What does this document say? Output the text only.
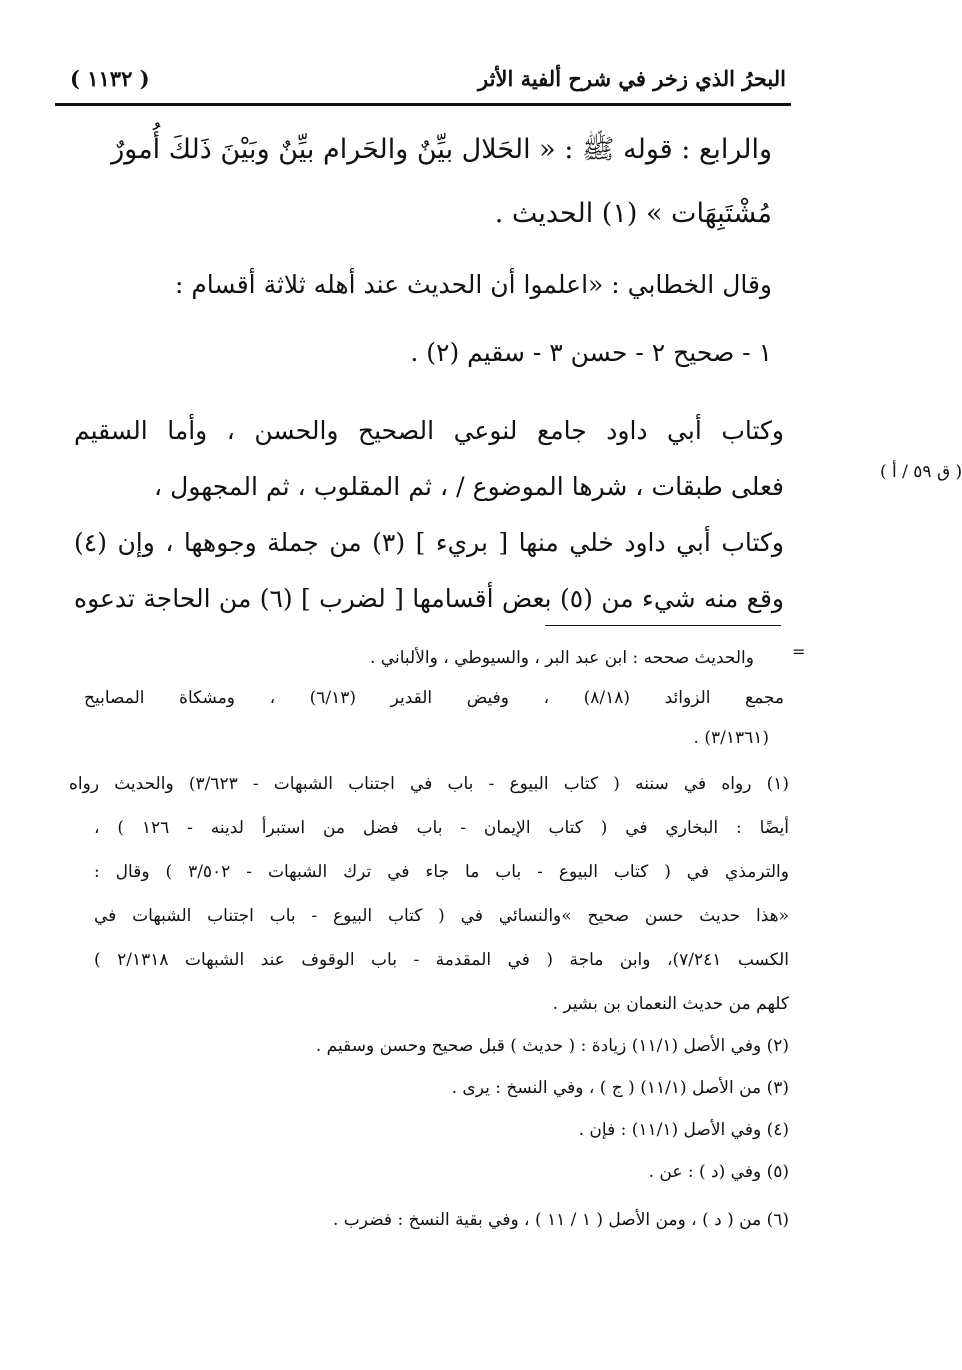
البحرُ الذي زخر في شرح ألفية الأثر
( ١١٣٢ )
والرابع : قوله ﷺ : « الحَلال بيِّنٌ والحَرام بيِّنٌ وبَيْنَ ذَلكَ أُمورٌ
مُشْتَبِهَات » (١) الحديث .
وقال الخطابي : «اعلموا أن الحديث عند أهله ثلاثة أقسام :
١ - صحيح ٢ - حسن ٣ - سقيم (٢) .
وكتاب أبي داود جامع لنوعي الصحيح والحسن ، وأما السقيم
فعلى طبقات ، شرها الموضوع / ، ثم المقلوب ، ثم المجهول ،
وكتاب أبي داود خلي منها [ بريء ] (٣) من جملة وجوهها ، وإن (٤)
وقع منه شيء من (٥) بعض أقسامها [ لضرب ] (٦) من الحاجة تدعوه
( ق ٥٩ / أ )
=
والحديث صححه : ابن عبد البر ، والسيوطي ، والألباني .
مجمع الزوائد (٨/١٨) ، وفيض القدير (٦/١٣) ، ومشكاة المصابيح
(٣/١٣٦١) .
(١) رواه في سننه ( كتاب البيوع - باب في اجتناب الشبهات - ٣/٦٢٣) والحديث رواه
أيضًا : البخاري في ( كتاب الإيمان - باب فضل من استبرأ لدينه - ١٢٦ ) ،
والترمذي في ( كتاب البيوع - باب ما جاء في ترك الشبهات - ٣/٥٠٢ ) وقال :
«هذا حديث حسن صحيح »والنسائي في ( كتاب البيوع - باب اجتناب الشبهات في
الكسب ٧/٢٤١)، وابن ماجة ( في المقدمة - باب الوقوف عند الشبهات ٢/١٣١٨ )
كلهم من حديث النعمان بن بشير .
(٢) وفي الأصل (١١/١) زيادة : ( حديث ) قبل صحيح وحسن وسقيم .
(٣) من الأصل (١١/١) ( ج ) ، وفي النسخ : يرى .
(٤) وفي الأصل (١١/١) : فإن .
(٥) وفي (د ) : عن .
(٦) من ( د ) ، ومن الأصل ( ١ / ١١ ) ، وفي بقية النسخ : فضرب .
